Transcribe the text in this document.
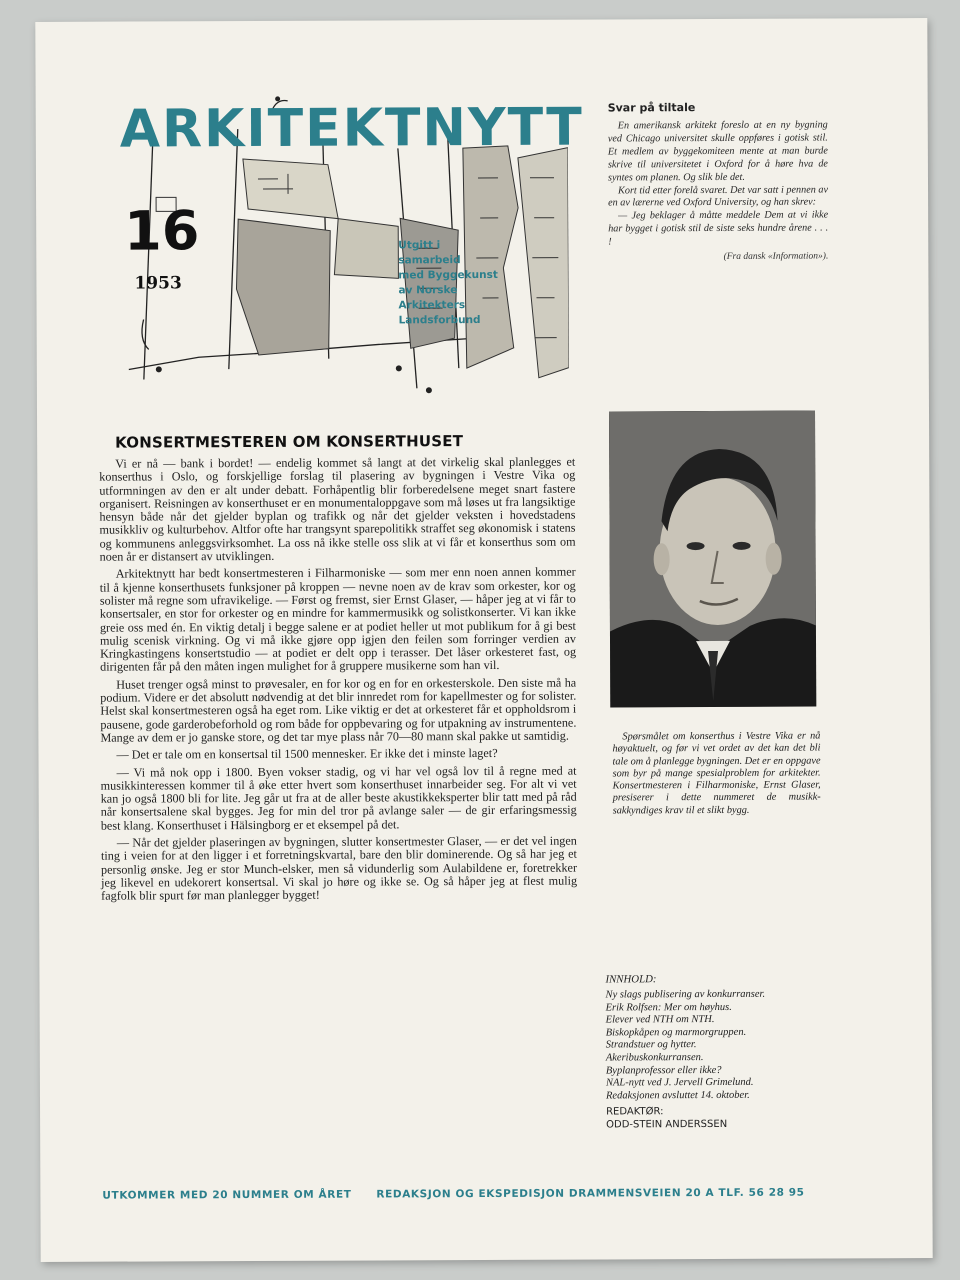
ARKITEKTNYTT
16
1953
Utgitt i
samarbeid
med Byggekunst
av Norske
Arkitekters
Landsforbund
Svar på tiltale

En amerikansk arkitekt foreslo at en ny bygning ved Chicago universitet skulle oppføres i gotisk stil. Et medlem av byggekomiteen mente at man burde skrive til universitetet i Oxford for å høre hva de syntes om planen. Og slik ble det.

Kort tid etter forelå svaret. Det var satt i pennen av en av lærerne ved Oxford University, og han skrev:

— Jeg beklager å måtte meddele Dem at vi ikke har bygget i gotisk stil de siste seks hundre årene . . . !

(Fra dansk «Information»).
KONSERTMESTEREN OM KONSERTHUSET

Vi er nå — bank i bordet! — endelig kommet så langt at det virkelig skal planlegges et konserthus i Oslo, og forskjellige forslag til plasering av bygningen i Vestre Vika og utformningen av den er alt under debatt. Forhåpentlig blir forberedelsene meget snart fastere organisert. Reisningen av konserthuset er en monumentaloppgave som må løses ut fra langsiktige hensyn både når det gjelder byplan og trafikk og når det gjelder veksten i hovedstadens musikkliv og kulturbehov. Altfor ofte har trangsynt sparepolitikk straffet seg økonomisk i statens og kommunens anleggsvirksomhet. La oss nå ikke stelle oss slik at vi får et konserthus som om noen år er distansert av utviklingen.

Arkitektnytt har bedt konsertmesteren i Filharmoniske — som mer enn noen annen kommer til å kjenne konserthusets funksjoner på kroppen — nevne noen av de krav som orkester, kor og solister må regne som ufravikelige. — Først og fremst, sier Ernst Glaser, — håper jeg at vi får to konsertsaler, en stor for orkester og en mindre for kammermusikk og solistkonserter. Vi kan ikke greie oss med én. En viktig detalj i begge salene er at podiet heller ut mot publikum for å gi best mulig scenisk virkning. Og vi må ikke gjøre opp igjen den feilen som forringer verdien av Kringkastingens konsertstudio — at podiet er delt opp i terasser. Det låser orkesteret fast, og dirigenten får på den måten ingen mulighet for å gruppere musikerne som han vil.

Huset trenger også minst to prøvesaler, en for kor og en for en orkesterskole. Den siste må ha podium. Videre er det absolutt nødvendig at det blir innredet rom for kapellmester og for solister. Helst skal konsertmesteren også ha eget rom. Like viktig er det at orkesteret får et oppholdsrom i pausene, gode garderobeforhold og rom både for oppbevaring og for utpakning av instrumentene. Mange av dem er jo ganske store, og det tar mye plass når 70—80 mann skal pakke ut samtidig.

— Det er tale om en konsertsal til 1500 mennesker. Er ikke det i minste laget?

— Vi må nok opp i 1800. Byen vokser stadig, og vi har vel også lov til å regne med at musikkinteressen kommer til å øke etter hvert som konserthuset innarbeider seg. For alt vi vet kan jo også 1800 bli for lite. Jeg går ut fra at de aller beste akustikkeksperter blir tatt med på råd når konsertsalene skal bygges. Jeg for min del tror på avlange saler — de gir erfaringsmessig best klang. Konserthuset i Hälsingborg er et eksempel på det.

— Når det gjelder plaseringen av bygningen, slutter konsertmester Glaser, — er det vel ingen ting i veien for at den ligger i et forretningskvartal, bare den blir dominerende. Og så har jeg et personlig ønske. Jeg er stor Munch-elsker, men så vidunderlig som Aulabildene er, foretrekker jeg likevel en udekorert konsertsal. Vi skal jo høre og ikke se. Og så håper jeg at flest mulig fagfolk blir spurt før man planlegger bygget!

Spørsmålet om konserthus i Vestre Vika er nå høyaktuelt, og før vi vet ordet av det kan det bli tale om å planlegge bygningen. Det er en oppgave som byr på mange spesialproblem for arkitekter. Konsertmesteren i Filharmoniske, Ernst Glaser, presiserer i dette nummeret de musikk-sakkyndiges krav til et slikt bygg.

INNHOLD:
Ny slags publisering av konkurranser.
Erik Rolfsen: Mer om høyhus.
Elever ved NTH om NTH.
Biskopkåpen og marmorgruppen.
Strandstuer og hytter.
Akeribuskonkurransen.
Byplanprofessor eller ikke?
NAL-nytt ved J. Jervell Grimelund.
Redaksjonen avsluttet 14. oktober.
REDAKTØR:
ODD-STEIN ANDERSSEN
UTKOMMER MED 20 NUMMER OM ÅRET REDAKSJON OG EKSPEDISJON DRAMMENSVEIEN 20 A TLF. 56 28 95
